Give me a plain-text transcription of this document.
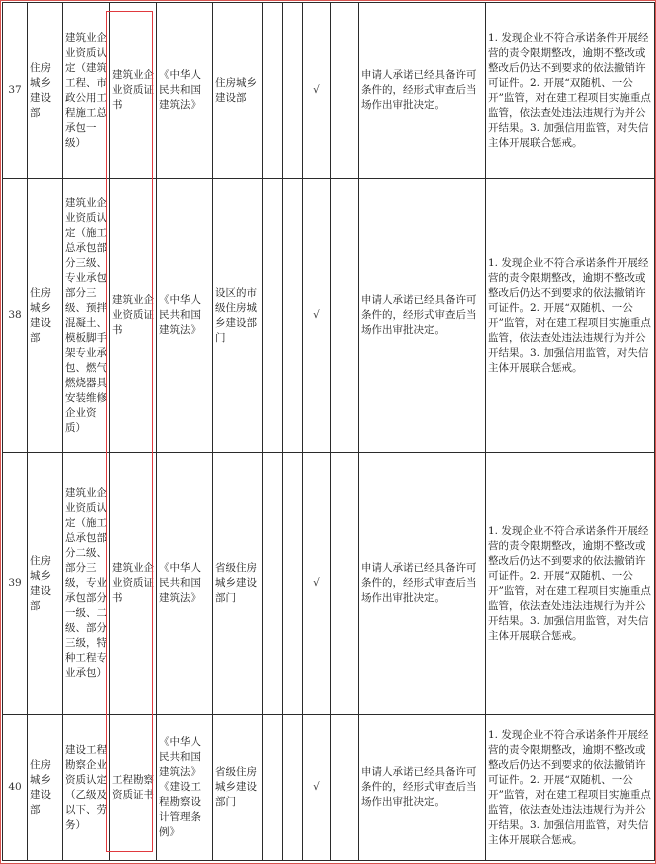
37	住房城乡建设部	建筑业企业资质认定（建筑工程、市政公用工程施工总承包一级）	建筑业企业资质证书	《中华人民共和国建筑法》	住房城乡建设部			√		申请人承诺已经具备许可条件的，经形式审查后当场作出审批决定。	1. 发现企业不符合承诺条件开展经营的责令限期整改，逾期不整改或整改后仍达不到要求的依法撤销许可证件。2. 开展“双随机、一公开”监管，对在建工程项目实施重点监管，依法查处违法违规行为并公开结果。3. 加强信用监管，对失信主体开展联合惩戒。
38	住房城乡建设部	建筑业企业资质认定（施工总承包部分三级、专业承包部分三级、预拌混凝土、模板脚手架专业承包、燃气燃烧器具安装维修企业资质）	建筑业企业资质证书	《中华人民共和国建筑法》	设区的市级住房城乡建设部门			√		申请人承诺已经具备许可条件的，经形式审查后当场作出审批决定。	1. 发现企业不符合承诺条件开展经营的责令限期整改，逾期不整改或整改后仍达不到要求的依法撤销许可证件。2. 开展“双随机、一公开”监管，对在建工程项目实施重点监管，依法查处违法违规行为并公开结果。3. 加强信用监管，对失信主体开展联合惩戒。
39	住房城乡建设部	建筑业企业资质认定（施工总承包部分二级、部分三级，专业承包部分一级、二级、部分三级，特种工程专业承包）	建筑业企业资质证书	《中华人民共和国建筑法》	省级住房城乡建设部门			√		申请人承诺已经具备许可条件的，经形式审查后当场作出审批决定。	1. 发现企业不符合承诺条件开展经营的责令限期整改，逾期不整改或整改后仍达不到要求的依法撤销许可证件。2. 开展“双随机、一公开”监管，对在建工程项目实施重点监管，依法查处违法违规行为并公开结果。3. 加强信用监管，对失信主体开展联合惩戒。
40	住房城乡建设部	建设工程勘察企业资质认定（乙级及以下、劳务）	工程勘察资质证书	《中华人民共和国建筑法》《建设工程勘察设计管理条例》	省级住房城乡建设部门			√		申请人承诺已经具备许可条件的，经形式审查后当场作出审批决定。	1. 发现企业不符合承诺条件开展经营的责令限期整改，逾期不整改或整改后仍达不到要求的依法撤销许可证件。2. 开展“双随机、一公开”监管，对在建工程项目实施重点监管，依法查处违法违规行为并公开结果。3. 加强信用监管，对失信主体开展联合惩戒。
